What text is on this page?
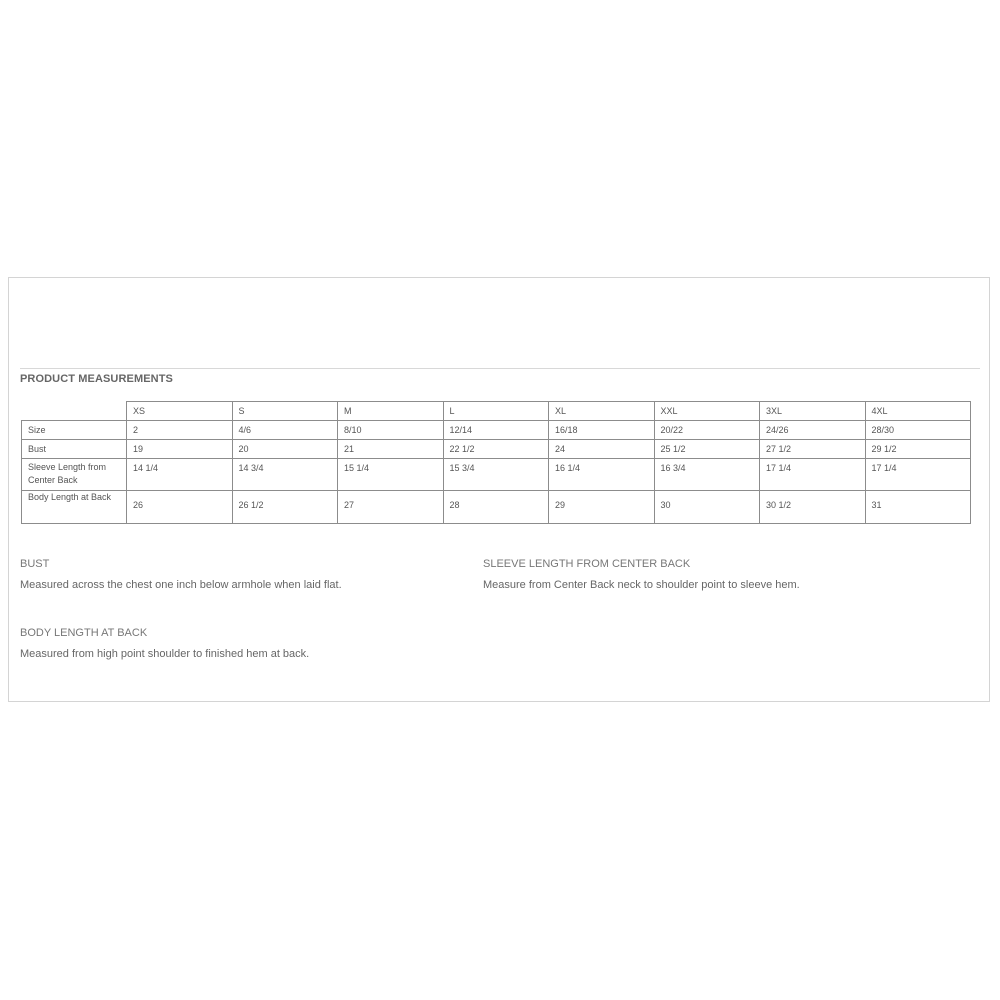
PRODUCT MEASUREMENTS
	XS	S	M	L	XL	XXL	3XL	4XL
Size	2	4/6	8/10	12/14	16/18	20/22	24/26	28/30
Bust	19	20	21	22 1/2	24	25 1/2	27 1/2	29 1/2
Sleeve Length from Center Back	14 1/4	14 3/4	15 1/4	15 3/4	16 1/4	16 3/4	17 1/4	17 1/4
Body Length at Back	26	26 1/2	27	28	29	30	30 1/2	31
BUST
Measured across the chest one inch below armhole when laid flat.
SLEEVE LENGTH FROM CENTER BACK
Measure from Center Back neck to shoulder point to sleeve hem.
BODY LENGTH AT BACK
Measured from high point shoulder to finished hem at back.
